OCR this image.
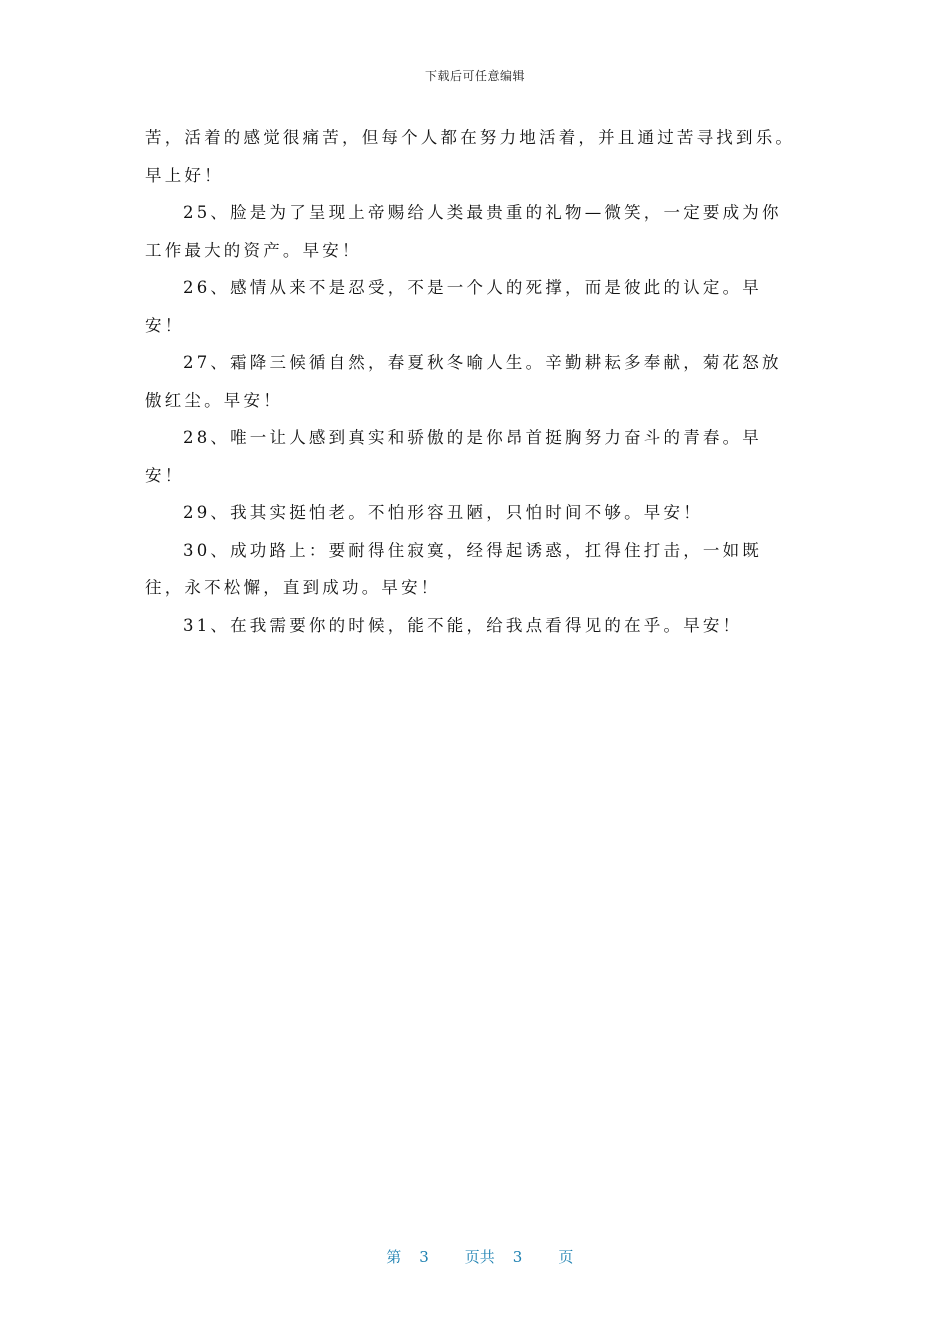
下载后可任意编辑

苦，活着的感觉很痛苦，但每个人都在努力地活着，并且通过苦寻找到乐。早上好！

25、脸是为了呈现上帝赐给人类最贵重的礼物—微笑，一定要成为你工作最大的资产。早安！

26、感情从来不是忍受，不是一个人的死撑，而是彼此的认定。早安！

27、霜降三候循自然，春夏秋冬喻人生。辛勤耕耘多奉献，菊花怒放傲红尘。早安！

28、唯一让人感到真实和骄傲的是你昂首挺胸努力奋斗的青春。早安！

29、我其实挺怕老。不怕形容丑陋，只怕时间不够。早安！

30、成功路上：要耐得住寂寞，经得起诱惑，扛得住打击，一如既往，永不松懈，直到成功。早安！

31、在我需要你的时候，能不能，给我点看得见的在乎。早安！

第 3 页共 3 页
